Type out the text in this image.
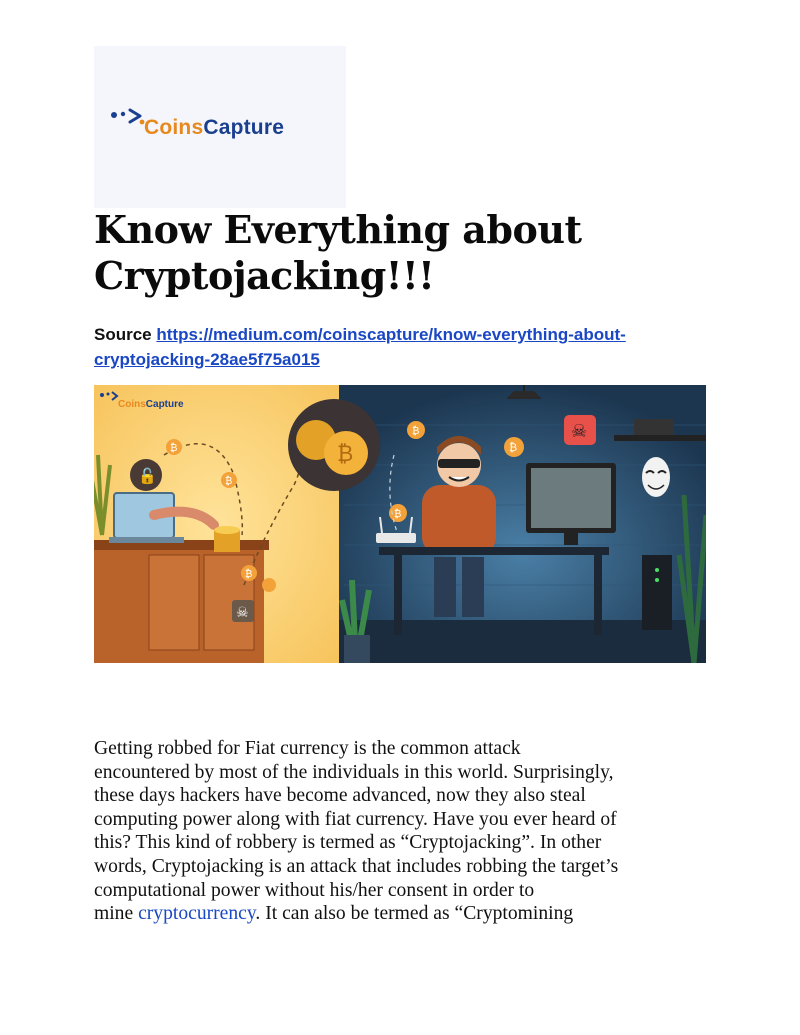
CoinsCapture
Know Everything about Cryptojacking!!!
Source https://medium.com/coinscapture/know-everything-about-
cryptojacking-28ae5f75a015
CoinsCapture
☠
🔓
₿
₿
₿
₿
₿
₿
₿
☠

Getting robbed for Fiat currency is the common attack
encountered by most of the individuals in this world. Surprisingly,
these days hackers have become advanced, now they also steal
computing power along with fiat currency. Have you ever heard of
this? This kind of robbery is termed as “Cryptojacking”. In other
words, Cryptojacking is an attack that includes robbing the target’s
computational power without his/her consent in order to
mine cryptocurrency. It can also be termed as “Cryptomining
